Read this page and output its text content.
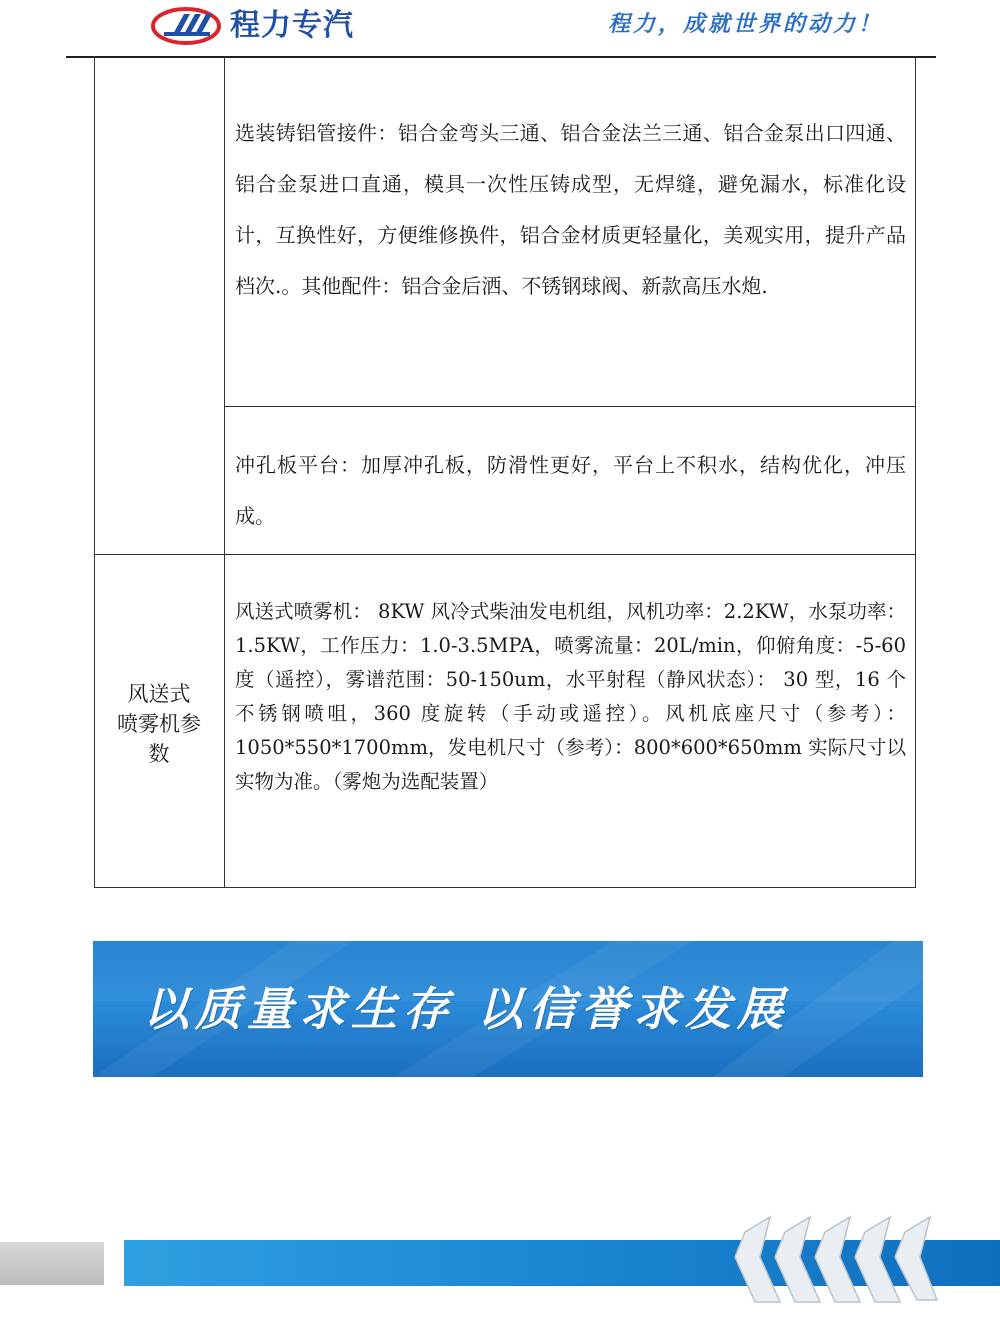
程力专汽	程力，成就世界的动力！
选装铸铝管接件：铝合金弯头三通、铝合金法兰三通、铝合金泵出口四通、铝合金泵进口直通，模具一次性压铸成型，无焊缝，避免漏水，标准化设计，互换性好，方便维修换件，铝合金材质更轻量化，美观实用，提升产品档次.。其他配件：铝合金后洒、不锈钢球阀、新款高压水炮.
冲孔板平台：加厚冲孔板，防滑性更好，平台上不积水，结构优化，冲压成。
风送式
喷雾机参
数
风送式喷雾机： 8KW 风冷式柴油发电机组，风机功率：2.2KW，水泵功率：1.5KW，工作压力：1.0-3.5MPA，喷雾流量：20L/min，仰俯角度：-5-60 度（遥控），雾谱范围：50-150um，水平射程（静风状态）： 30 型，16 个不锈钢喷咀，360 度旋转（手动或遥控）。风机底座尺寸（参考）：1050*550*1700mm，发电机尺寸（参考）：800*600*650mm 实际尺寸以实物为准。（雾炮为选配装置）
以质量求生存 以信誉求发展
